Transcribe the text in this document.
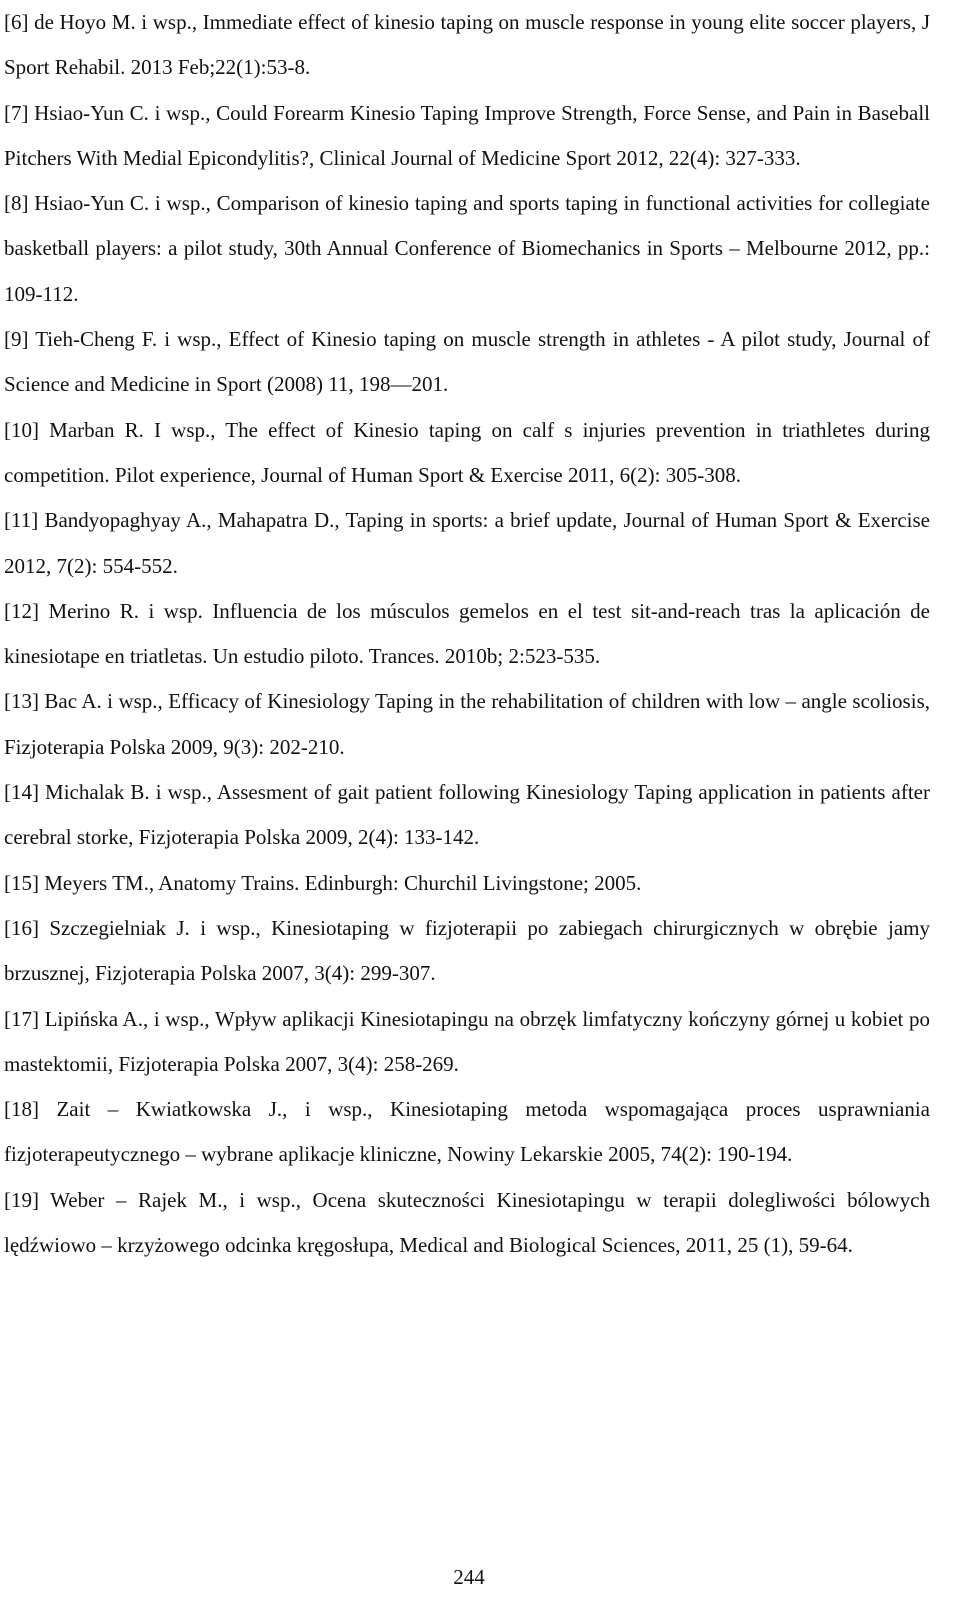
[6] de Hoyo M. i wsp., Immediate effect of kinesio taping on muscle response in young elite soccer players, J Sport Rehabil. 2013 Feb;22(1):53-8.

[7] Hsiao-Yun C. i wsp., Could Forearm Kinesio Taping Improve Strength, Force Sense, and Pain in Baseball Pitchers With Medial Epicondylitis?, Clinical Journal of Medicine Sport 2012, 22(4): 327-333.

[8] Hsiao-Yun C. i wsp., Comparison of kinesio taping and sports taping in functional activities for collegiate basketball players: a pilot study, 30th Annual Conference of Biomechanics in Sports – Melbourne 2012, pp.: 109-112.

[9] Tieh-Cheng F. i wsp., Effect of Kinesio taping on muscle strength in athletes - A pilot study, Journal of Science and Medicine in Sport (2008) 11, 198—201.

[10] Marban R. I wsp., The effect of Kinesio taping on calf s injuries prevention in triathletes during competition. Pilot experience, Journal of Human Sport & Exercise 2011, 6(2): 305-308.

[11] Bandyopaghyay A., Mahapatra D., Taping in sports: a brief update, Journal of Human Sport & Exercise 2012, 7(2): 554-552.

[12] Merino R. i wsp. Influencia de los músculos gemelos en el test sit-and-reach tras la aplicación de kinesiotape en triatletas. Un estudio piloto. Trances. 2010b; 2:523-535.

[13] Bac A. i wsp., Efficacy of Kinesiology Taping in the rehabilitation of children with low – angle scoliosis, Fizjoterapia Polska 2009, 9(3): 202-210.

[14] Michalak B. i wsp., Assesment of gait patient following Kinesiology Taping application in patients after cerebral storke, Fizjoterapia Polska 2009, 2(4): 133-142.

[15] Meyers TM., Anatomy Trains. Edinburgh: Churchil Livingstone; 2005.

[16] Szczegielniak J. i wsp., Kinesiotaping w fizjoterapii po zabiegach chirurgicznych w obrębie jamy brzusznej, Fizjoterapia Polska 2007, 3(4): 299-307.

[17] Lipińska A., i wsp., Wpływ aplikacji Kinesiotapingu na obrzęk limfatyczny kończyny górnej u kobiet po mastektomii, Fizjoterapia Polska 2007, 3(4): 258-269.

[18] Zait – Kwiatkowska J., i wsp., Kinesiotaping metoda wspomagająca proces usprawniania fizjoterapeutycznego – wybrane aplikacje kliniczne, Nowiny Lekarskie 2005, 74(2): 190-194.

[19] Weber – Rajek M., i wsp., Ocena skuteczności Kinesiotapingu w terapii dolegliwości bólowych lędźwiowo – krzyżowego odcinka kręgosłupa, Medical and Biological Sciences, 2011, 25 (1), 59-64.

244
